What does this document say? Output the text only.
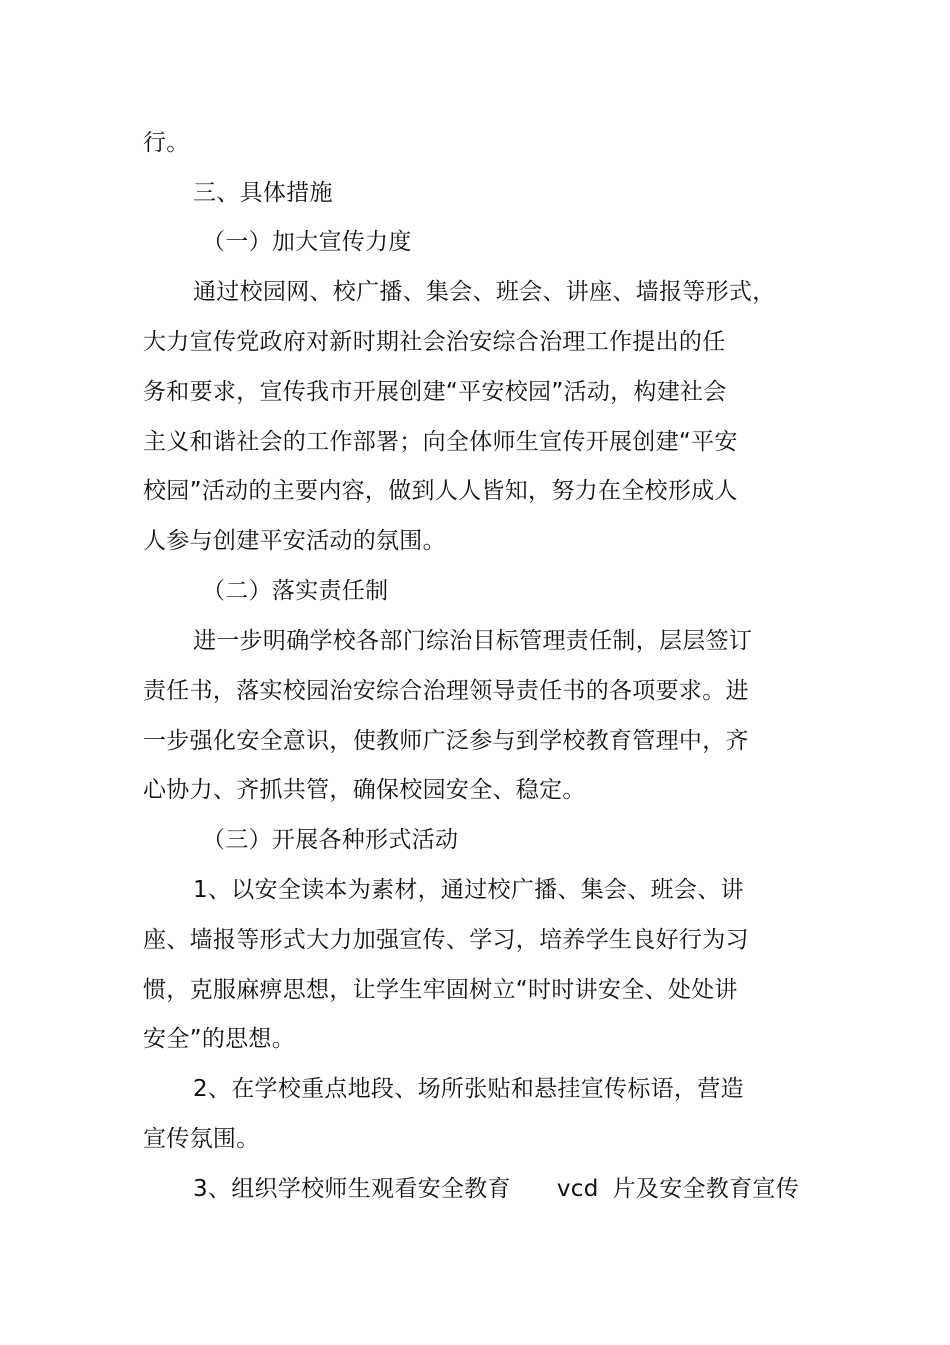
行。
三、具体措施
（一）加大宣传力度
通过校园网、校广播、集会、班会、讲座、墙报等形式，
大力宣传党政府对新时期社会治安综合治理工作提出的任
务和要求，宣传我市开展创建“平安校园”活动，构建社会
主义和谐社会的工作部署；向全体师生宣传开展创建“平安
校园”活动的主要内容，做到人人皆知，努力在全校形成人
人参与创建平安活动的氛围。
（二）落实责任制
进一步明确学校各部门综治目标管理责任制，层层签订
责任书，落实校园治安综合治理领导责任书的各项要求。进
一步强化安全意识，使教师广泛参与到学校教育管理中，齐
心协力、齐抓共管，确保校园安全、稳定。
（三）开展各种形式活动
1、以安全读本为素材，通过校广播、集会、班会、讲
座、墙报等形式大力加强宣传、学习，培养学生良好行为习
惯，克服麻痹思想，让学生牢固树立“时时讲安全、处处讲
安全”的思想。
2、在学校重点地段、场所张贴和悬挂宣传标语，营造
宣传氛围。
3、组织学校师生观看安全教育 vcd 片及安全教育宣传
